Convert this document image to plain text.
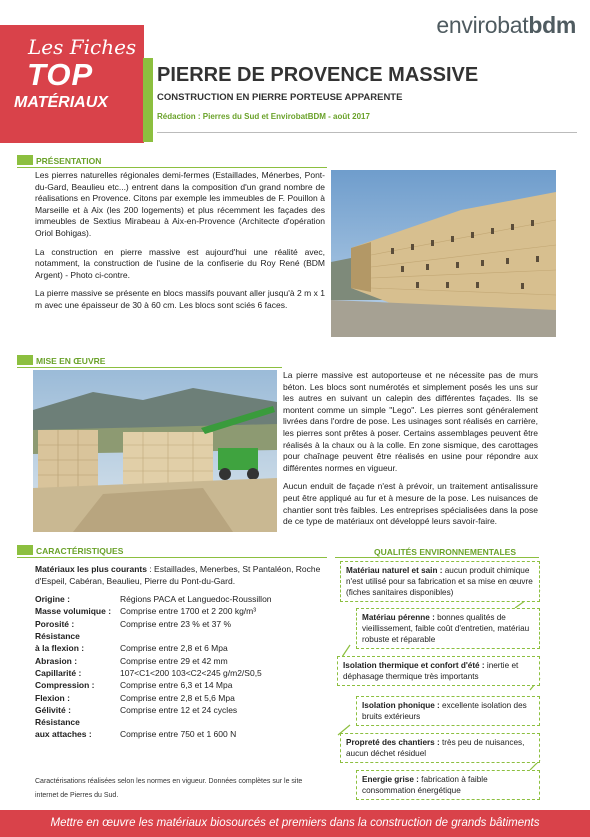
envirobatbdm
Les Fiches
TOP
MATÉRIAUX
PIERRE DE PROVENCE MASSIVE
CONSTRUCTION EN PIERRE PORTEUSE APPARENTE
Rédaction : Pierres du Sud et EnvirobatBDM - août 2017
PRÉSENTATION

Les pierres naturelles régionales demi-fermes (Estaillades, Ménerbes, Pont-du-Gard, Beaulieu etc...) entrent dans la composition d'un grand nombre de réalisations en Provence. Citons par exemple les immeubles de F. Pouillon à Marseille et à Aix (les 200 logements) et plus récemment les façades des immeubles de Sextius Mirabeau à Aix-en-Provence (Architecte d'opération Oriol Bohigas).

La construction en pierre massive est aujourd'hui une réalité avec, notamment, la construction de l'usine de la confiserie du Roy René (BDM Argent) - Photo ci-contre.

La pierre massive se présente en blocs massifs pouvant aller jusqu'à 2 m x 1 m avec une épaisseur de 30 à 60 cm. Les blocs sont sciés 6 faces.

MISE EN ŒUVRE

La pierre massive est autoporteuse et ne nécessite pas de murs béton. Les blocs sont numérotés et simplement posés les uns sur les autres en suivant un calepin des différentes façades. Ils se montent comme un simple "Lego". Les pierres sont généralement livrées dans l'ordre de pose. Les usinages sont réalisés en carrière, les pierres sont prêtes à poser. Certains assemblages peuvent être réalisés à la chaux ou à la colle. En zone sismique, des carottages pour chaînage peuvent être réalisés en usine pour répondre aux différentes normes en vigueur.

Aucun enduit de façade n'est à prévoir, un traitement antisalissure peut être appliqué au fur et à mesure de la pose. Les nuisances de chantier sont très faibles. Les entreprises spécialisées dans la pose de ce type de matériaux ont développé leurs savoir-faire.

CARACTÉRISTIQUES
Matériaux les plus courants : Estaillades, Menerbes, St Pantaléon, Roche d'Espeil, Cabéran, Beaulieu, Pierre du Pont-du-Gard.
Origine :	Régions PACA et Languedoc-Roussillon
Masse volumique :	Comprise entre 1700 et 2 200 kg/m³
Porosité :	Comprise entre 23 % et 37 %
Résistance
à la flexion :	Comprise entre 2,8 et 6 Mpa
Abrasion :	Comprise entre 29 et 42 mm
Capillarité :	107<C1<200 103<C2<245 g/m2/S0,5
Compression :	Comprise entre 6,3 et 14 Mpa
Flexion :	Comprise entre 2,8 et 5,6 Mpa
Gélivité :	Comprise entre 12 et 24 cycles
Résistance
aux attaches :	Comprise entre 750 et 1 600 N
Caractérisations réalisées selon les normes en vigueur. Données complètes sur le site internet de Pierres du Sud.
QUALITÉS ENVIRONNEMENTALES
Matériau naturel et sain : aucun produit chimique n'est utilisé pour sa fabrication et sa mise en œuvre (fiches sanitaires disponibles)
Matériau pérenne : bonnes qualités de vieillissement, faible coût d'entretien, matériau robuste et réparable
Isolation thermique et confort d'été : inertie et déphasage thermique très importants
Isolation phonique : excellente isolation des bruits extérieurs
Propreté des chantiers : très peu de nuisances, aucun déchet résiduel
Energie grise : fabrication à faible consommation énergétique
Mettre en œuvre les matériaux biosourcés et premiers dans la construction de grands bâtiments
